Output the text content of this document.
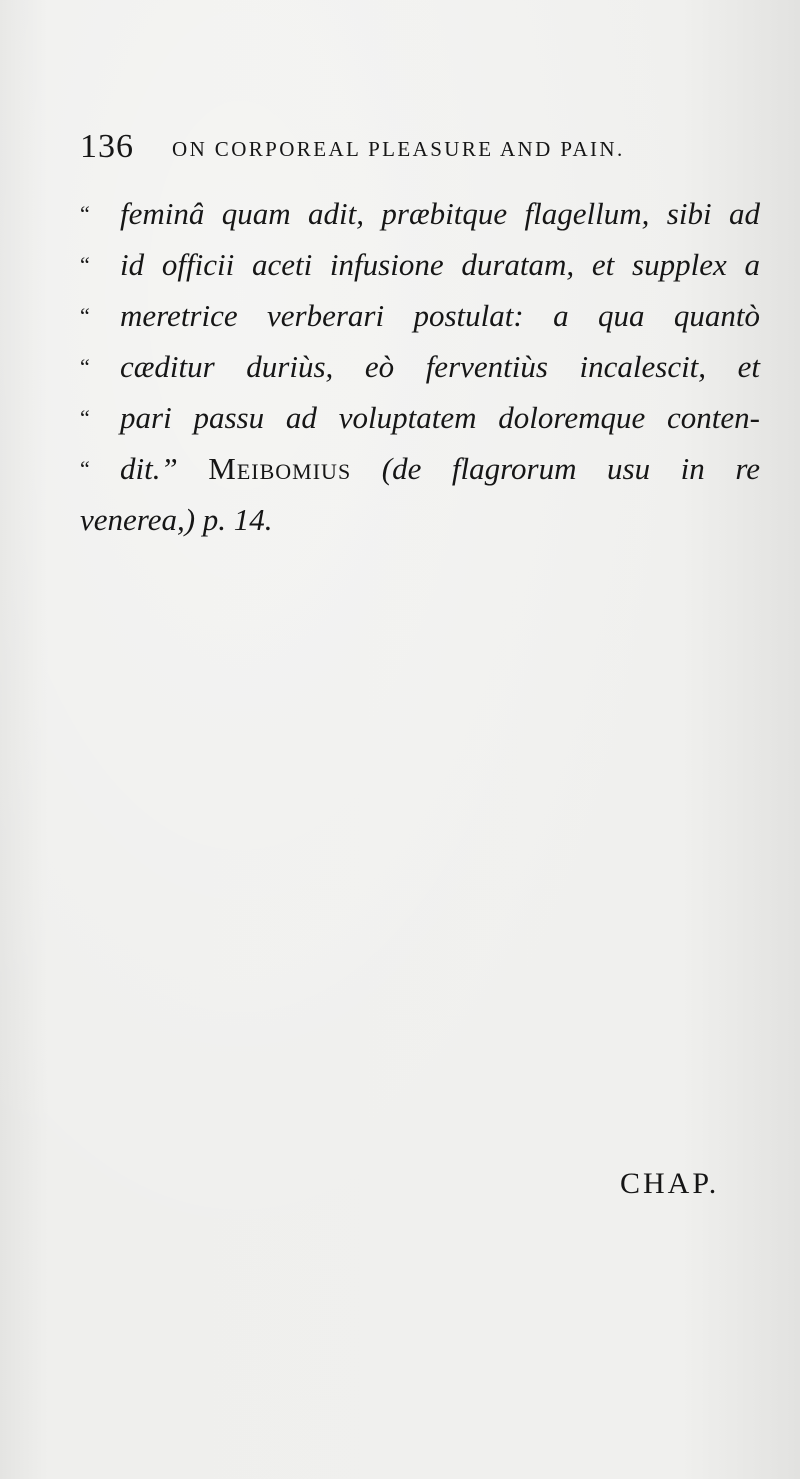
136 ON CORPOREAL PLEASURE AND PAIN.
“ feminâ quam adit, præbitque flagellum, sibi ad
“ id officii aceti infusione duratam, et supplex a
“ meretrice verberari postulat: a qua quantò
“ cæditur duriùs, eò ferventiùs incalescit, et
“ pari passu ad voluptatem doloremque conten-
“ dit.” Meibomius (de flagrorum usu in re
venerea,) p. 14.
CHAP.
